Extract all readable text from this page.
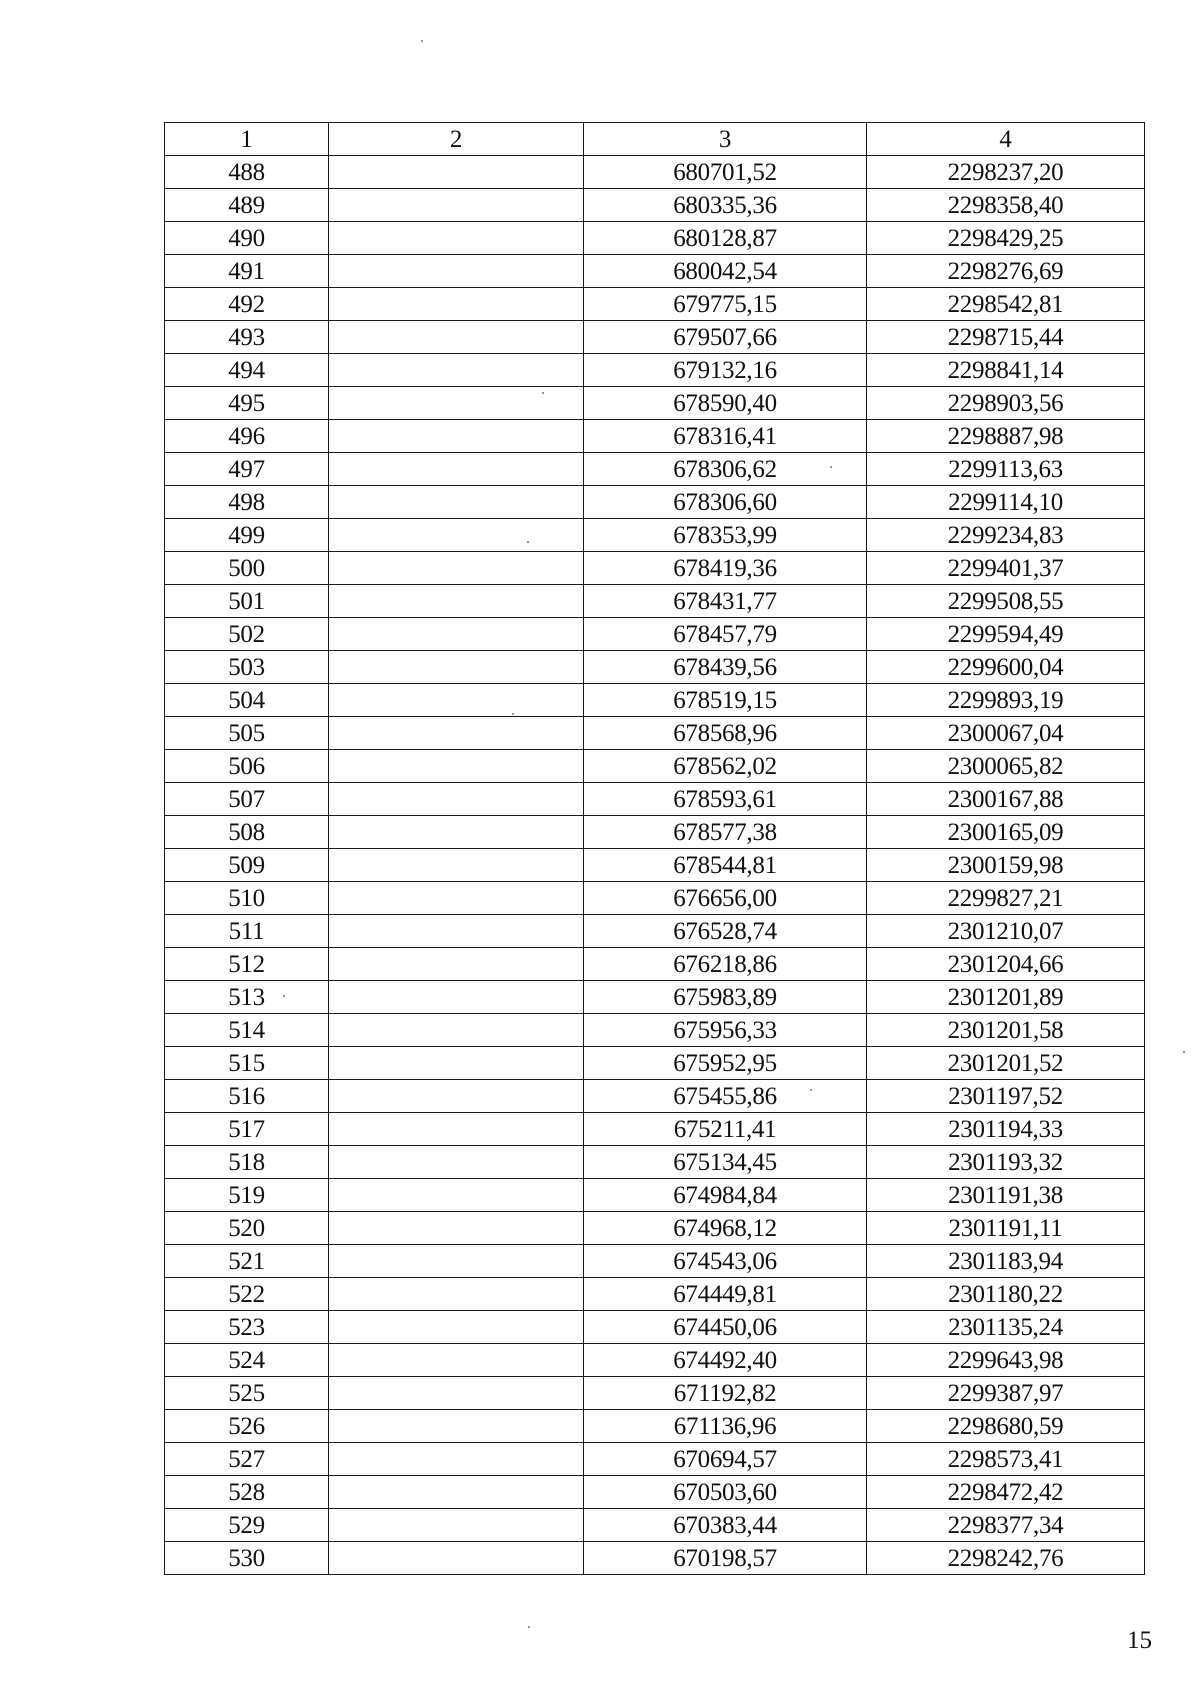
1	2	3	4
488		680701,52	2298237,20
489		680335,36	2298358,40
490		680128,87	2298429,25
491		680042,54	2298276,69
492		679775,15	2298542,81
493		679507,66	2298715,44
494		679132,16	2298841,14
495		678590,40	2298903,56
496		678316,41	2298887,98
497		678306,62	2299113,63
498		678306,60	2299114,10
499		678353,99	2299234,83
500		678419,36	2299401,37
501		678431,77	2299508,55
502		678457,79	2299594,49
503		678439,56	2299600,04
504		678519,15	2299893,19
505		678568,96	2300067,04
506		678562,02	2300065,82
507		678593,61	2300167,88
508		678577,38	2300165,09
509		678544,81	2300159,98
510		676656,00	2299827,21
511		676528,74	2301210,07
512		676218,86	2301204,66
513		675983,89	2301201,89
514		675956,33	2301201,58
515		675952,95	2301201,52
516		675455,86	2301197,52
517		675211,41	2301194,33
518		675134,45	2301193,32
519		674984,84	2301191,38
520		674968,12	2301191,11
521		674543,06	2301183,94
522		674449,81	2301180,22
523		674450,06	2301135,24
524		674492,40	2299643,98
525		671192,82	2299387,97
526		671136,96	2298680,59
527		670694,57	2298573,41
528		670503,60	2298472,42
529		670383,44	2298377,34
530		670198,57	2298242,76
15
